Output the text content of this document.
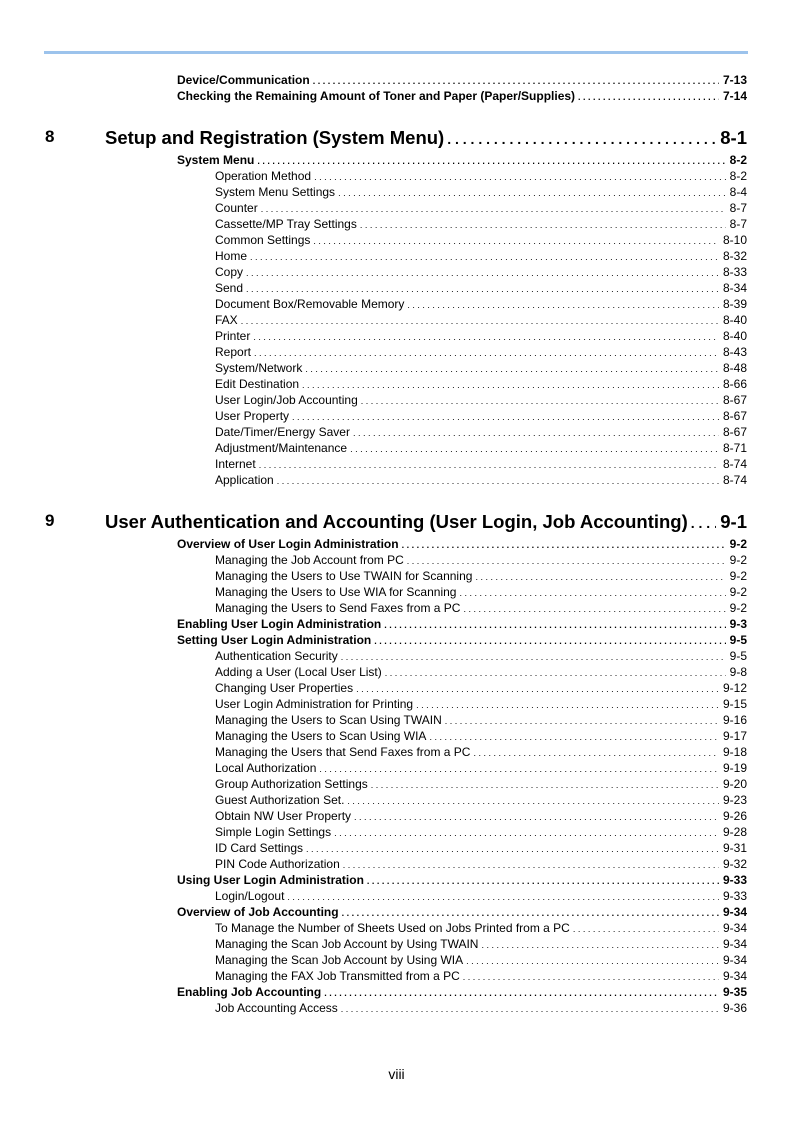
Device/Communication . . .	7-13
Checking the Remaining Amount of Toner and Paper (Paper/Supplies) . . .	7-14
8	Setup and Registration (System Menu) . . .	8-1
System Menu . . .	8-2
Operation Method . . .	8-2
System Menu Settings . . .	8-4
Counter . . .	8-7
Cassette/MP Tray Settings . . .	8-7
Common Settings . . .	8-10
Home . . .	8-32
Copy . . .	8-33
Send . . .	8-34
Document Box/Removable Memory . . .	8-39
FAX . . .	8-40
Printer . . .	8-40
Report . . .	8-43
System/Network . . .	8-48
Edit Destination . . .	8-66
User Login/Job Accounting . . .	8-67
User Property . . .	8-67
Date/Timer/Energy Saver . . .	8-67
Adjustment/Maintenance . . .	8-71
Internet . . .	8-74
Application . . .	8-74
9	User Authentication and Accounting (User Login, Job Accounting) . . . 9-1
Overview of User Login Administration . . .	9-2
Managing the Job Account from PC . . .	9-2
Managing the Users to Use TWAIN for Scanning . . .	9-2
Managing the Users to Use WIA for Scanning . . .	9-2
Managing the Users to Send Faxes from a PC . . .	9-2
Enabling User Login Administration . . .	9-3
Setting User Login Administration . . .	9-5
Authentication Security . . .	9-5
Adding a User (Local User List) . . .	9-8
Changing User Properties . . .	9-12
User Login Administration for Printing . . .	9-15
Managing the Users to Scan Using TWAIN . . .	9-16
Managing the Users to Scan Using WIA . . .	9-17
Managing the Users that Send Faxes from a PC . . .	9-18
Local Authorization . . .	9-19
Group Authorization Settings . . .	9-20
Guest Authorization Set. . . .	9-23
Obtain NW User Property . . .	9-26
Simple Login Settings . . .	9-28
ID Card Settings . . .	9-31
PIN Code Authorization . . .	9-32
Using User Login Administration . . .	9-33
Login/Logout . . .	9-33
Overview of Job Accounting . . .	9-34
To Manage the Number of Sheets Used on Jobs Printed from a PC . . .	9-34
Managing the Scan Job Account by Using TWAIN . . .	9-34
Managing the Scan Job Account by Using WIA . . .	9-34
Managing the FAX Job Transmitted from a PC . . .	9-34
Enabling Job Accounting . . .	9-35
Job Accounting Access . . .	9-36
viii
